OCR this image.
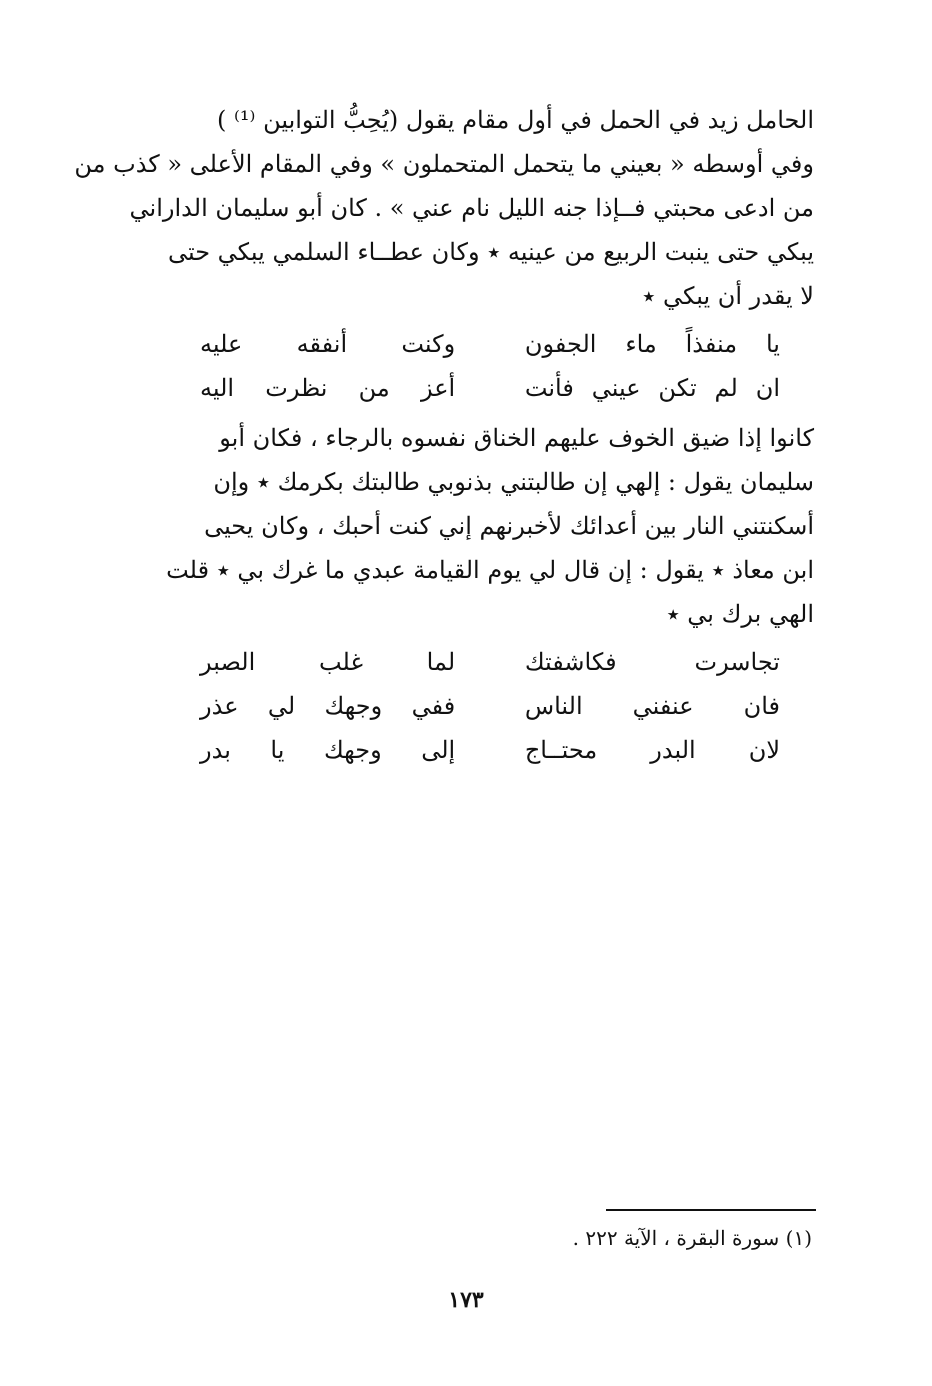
الحامل زيد في الحمل في أول مقام يقول (يُحِبُّ التوابين ⁽¹⁾ )
وفي أوسطه « بعيني ما يتحمل المتحملون » وفي المقام الأعلى « كذب من
من ادعى محبتي فــإذا جنه الليل نام عني » . كان أبو سليمان الداراني
يبكي حتى ينبت الربيع من عينيه ٭ وكان عطــاء السلمي يبكي حتى
لا يقدر أن يبكي ٭
يا منفذاً ماء الجفون
وكنت أنفقه عليه
ان لم تكن عيني فأنت
أعز من نظرت اليه
كانوا إذا ضيق الخوف عليهم الخناق نفسوه بالرجاء ، فكان أبو
سليمان يقول : إلهي إن طالبتني بذنوبي طالبتك بكرمك ٭ وإن
أسكنتني النار بين أعدائك لأخبرنهم إني كنت أحبك ، وكان يحيى
ابن معاذ ٭ يقول : إن قال لي يوم القيامة عبدي ما غرك بي ٭ قلت
الهي برك بي ٭
تجاسرت فكاشفتك
لما غلب الصبر
فان عنفني الناس
ففي وجهك لي عذر
لان البدر محتــاج
إلى وجهك يا بدر
(١) سورة البقرة ، الآية ٢٢٢ .
١٧٣
